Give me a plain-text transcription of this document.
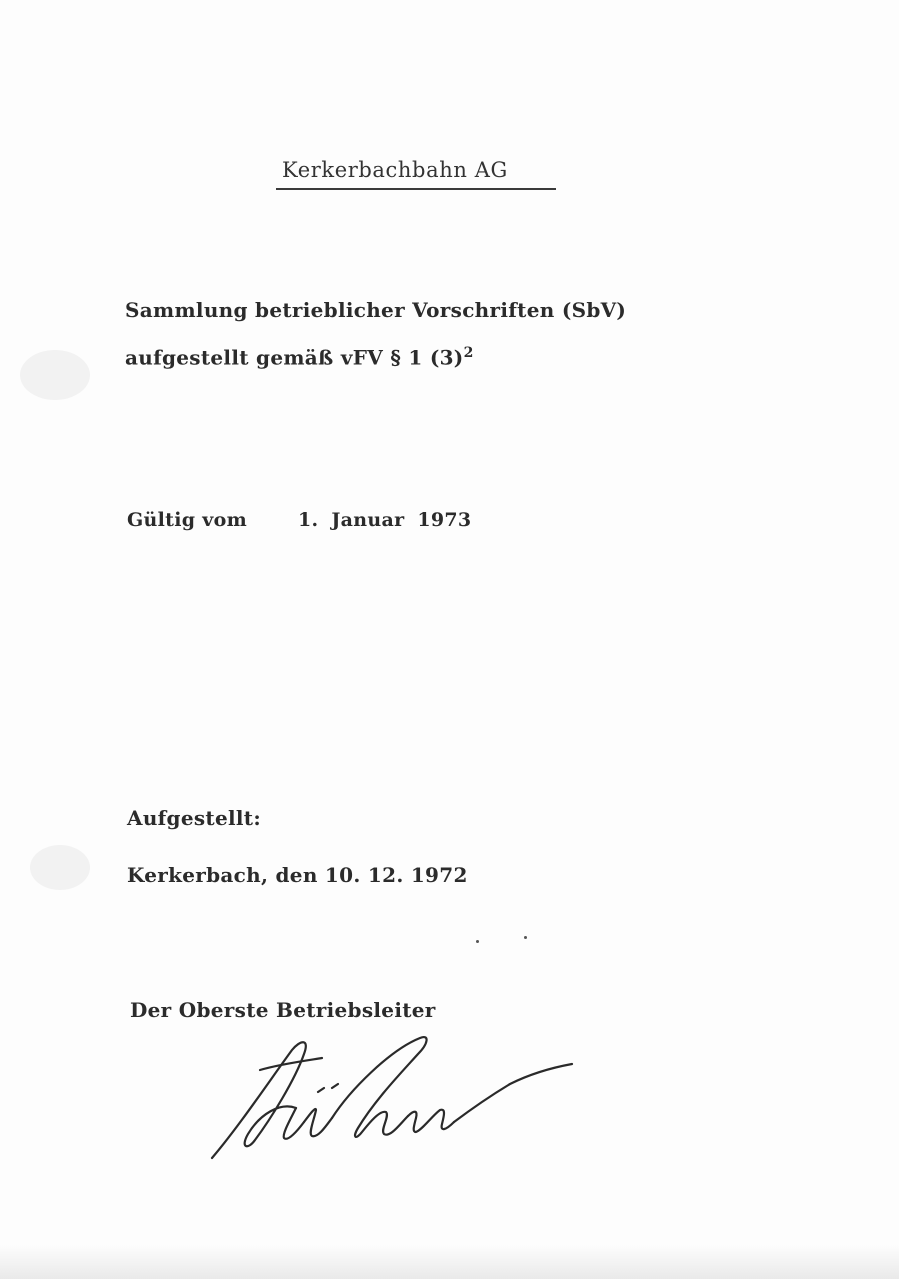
Kerkerbachbahn AG

Sammlung betrieblicher Vorschriften (SbV)

aufgestellt gemäß vFV § 1 $(3)^2$

Gültig vom	1. Januar 1973

Aufgestellt:

Kerkerbach, den 10. 12. 1972

Der Oberste Betriebsleiter
